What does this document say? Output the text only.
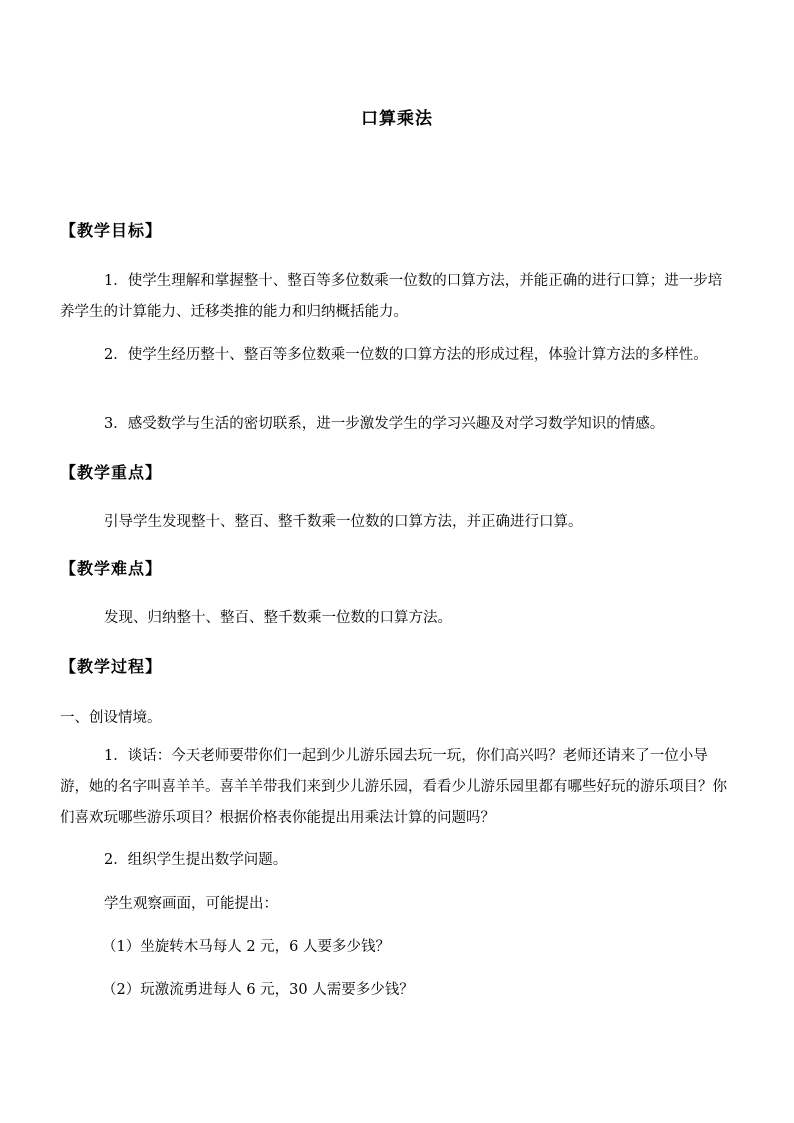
口算乘法
【教学目标】
1．使学生理解和掌握整十、整百等多位数乘一位数的口算方法，并能正确的进行口算；进一步培养学生的计算能力、迁移类推的能力和归纳概括能力。
2．使学生经历整十、整百等多位数乘一位数的口算方法的形成过程，体验计算方法的多样性。
3．感受数学与生活的密切联系，进一步激发学生的学习兴趣及对学习数学知识的情感。
【教学重点】
引导学生发现整十、整百、整千数乘一位数的口算方法，并正确进行口算。
【教学难点】
发现、归纳整十、整百、整千数乘一位数的口算方法。
【教学过程】
一、创设情境。
1．谈话：今天老师要带你们一起到少儿游乐园去玩一玩，你们高兴吗？老师还请来了一位小导游，她的名字叫喜羊羊。喜羊羊带我们来到少儿游乐园，看看少儿游乐园里都有哪些好玩的游乐项目？你们喜欢玩哪些游乐项目？根据价格表你能提出用乘法计算的问题吗？
2．组织学生提出数学问题。
学生观察画面，可能提出：
（1）坐旋转木马每人 2 元，6 人要多少钱？
（2）玩激流勇进每人 6 元，30 人需要多少钱？
